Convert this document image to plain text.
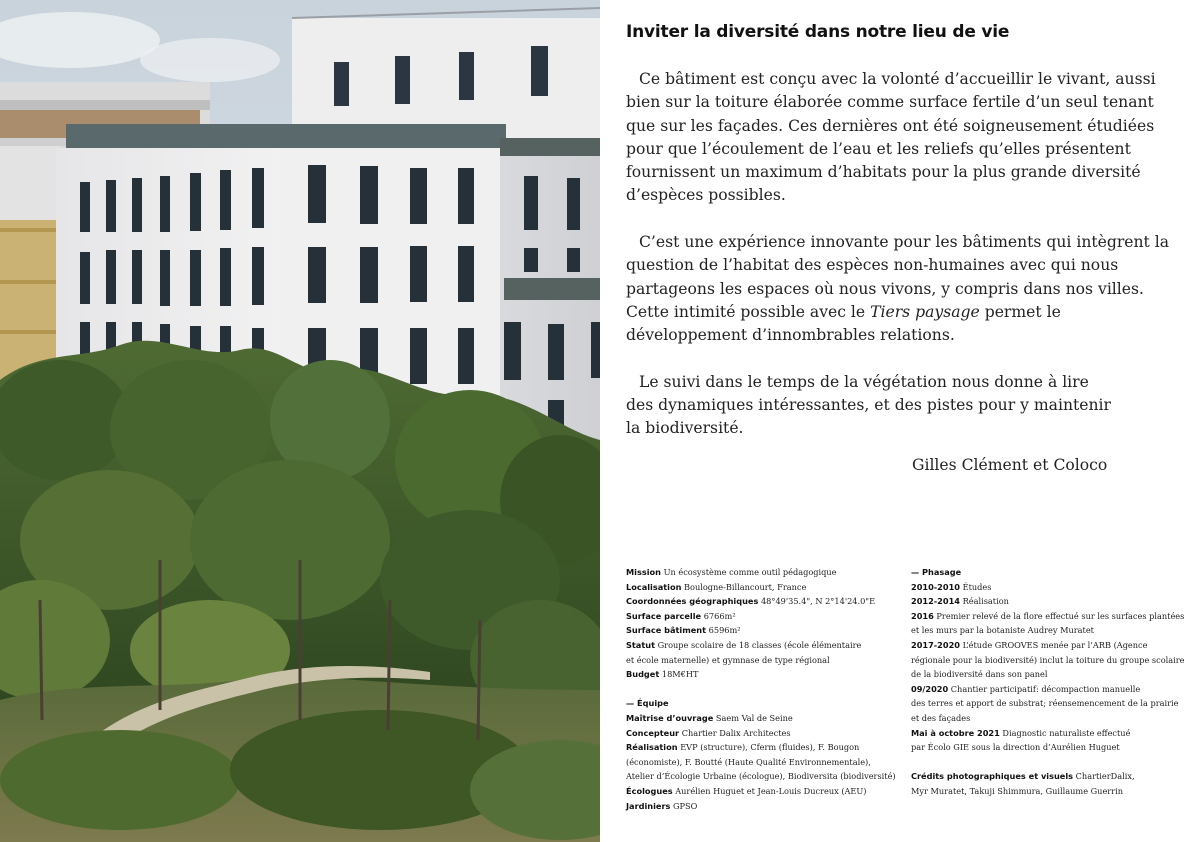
Inviter la diversité dans notre lieu de vie

Ce bâtiment est conçu avec la volonté d’accueillir le vivant, aussi bien sur la toiture élaborée comme surface fertile d’un seul tenant que sur les façades. Ces dernières ont été soigneusement étudiées pour que l’écoulement de l’eau et les reliefs qu’elles présentent fournissent un maximum d’habitats pour la plus grande diversité d’espèces possibles.

C’est une expérience innovante pour les bâtiments qui intègrent la question de l’habitat des espèces non-humaines avec qui nous partageons les espaces où nous vivons, y compris dans nos villes. Cette intimité possible avec le Tiers paysage permet le développement d’innombrables relations.

Le suivi dans le temps de la végétation nous donne à lire des dynamiques intéressantes, et des pistes pour y maintenir la biodiversité.

Gilles Clément et Coloco
Mission Un écosystème comme outil pédagogique
Localisation Boulogne-Billancourt, France
Coordonnées géographiques 48°49'35.4", N 2°14'24.0"E
Surface parcelle 6766m²
Surface bâtiment 6596m²
Statut Groupe scolaire de 18 classes (école élémentaire
et école maternelle) et gymnase de type régional
Budget 18M€HT
— Équipe
Maîtrise d’ouvrage Saem Val de Seine
Concepteur Chartier Dalix Architectes
Réalisation EVP (structure), Cferm (fluides), F. Bougon
(économiste), F. Boutté (Haute Qualité Environnementale),
Atelier d’Écologie Urbaine (écologue), Biodiversita (biodiversité)
Écologues Aurélien Huguet et Jean-Louis Ducreux (AEU)
Jardiniers GPSO
— Phasage
2010-2010 Études
2012-2014 Réalisation
2016 Premier relevé de la flore effectué sur les surfaces plantées
et les murs par la botaniste Audrey Muratet
2017-2020 L’étude GROOVES menée par l’ARB (Agence
régionale pour la biodiversité) inclut la toiture du groupe scolaire
de la biodiversité dans son panel
09/2020 Chantier participatif: décompaction manuelle
des terres et apport de substrat; réensemencement de la prairie
et des façades
Mai à octobre 2021 Diagnostic naturaliste effectué
par Écolo GIE sous la direction d’Aurélien Huguet
Crédits photographiques et visuels ChartierDalix,
Myr Muratet, Takuji Shimmura, Guillaume Guerrin
